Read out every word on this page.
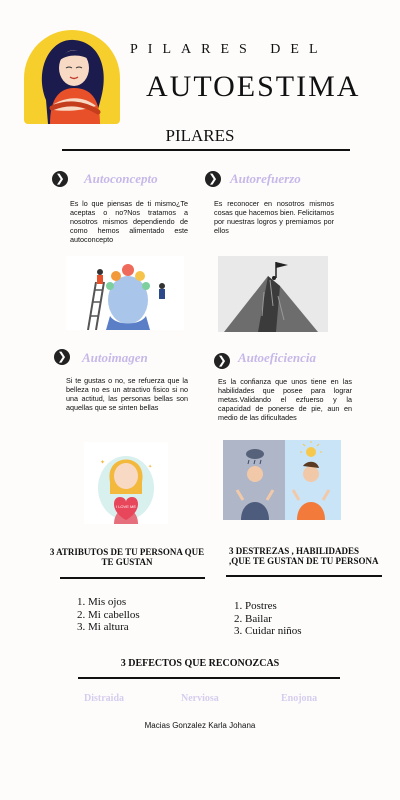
PILARES DEL
AUTOESTIMA
PILARES
❯ Autoconcepto
Es lo que piensas de ti mismo¿Te aceptas o no?Nos tratamos a nosotros mismos dependiendo de como hemos alimentado este autoconcepto
❯ Autorefuerzo
Es reconocer en nosotros mismos cosas que hacemos bien. Felicitamos por nuestras logros y premiamos por ellos
❯ Autoimagen
Si te gustas o no, se refuerza que la belleza no es un atractivo fisico si no una actitud, las personas bellas son aquellas que se sinten bellas
❯ Autoeficiencia
Es la confianza que unos tiene en las habilidades que posee para lograr metas.Validando el ezfuerso y la capacidad de ponerse de pie, aun en medio de las dificultades
I LOVE ME
✦
✦
3 ATRIBUTOS DE TU PERSONA QUE TE GUSTAN
1. Mis ojos
2. Mi cabellos
3. Mi altura
3 DESTREZAS , HABILIDADES ,QUE TE GUSTAN DE TU PERSONA
1. Postres
2. Bailar
3. Cuidar niños
3 DEFECTOS QUE RECONOZCAS
Distraida	Nerviosa	Enojona
Macias Gonzalez Karla Johana
